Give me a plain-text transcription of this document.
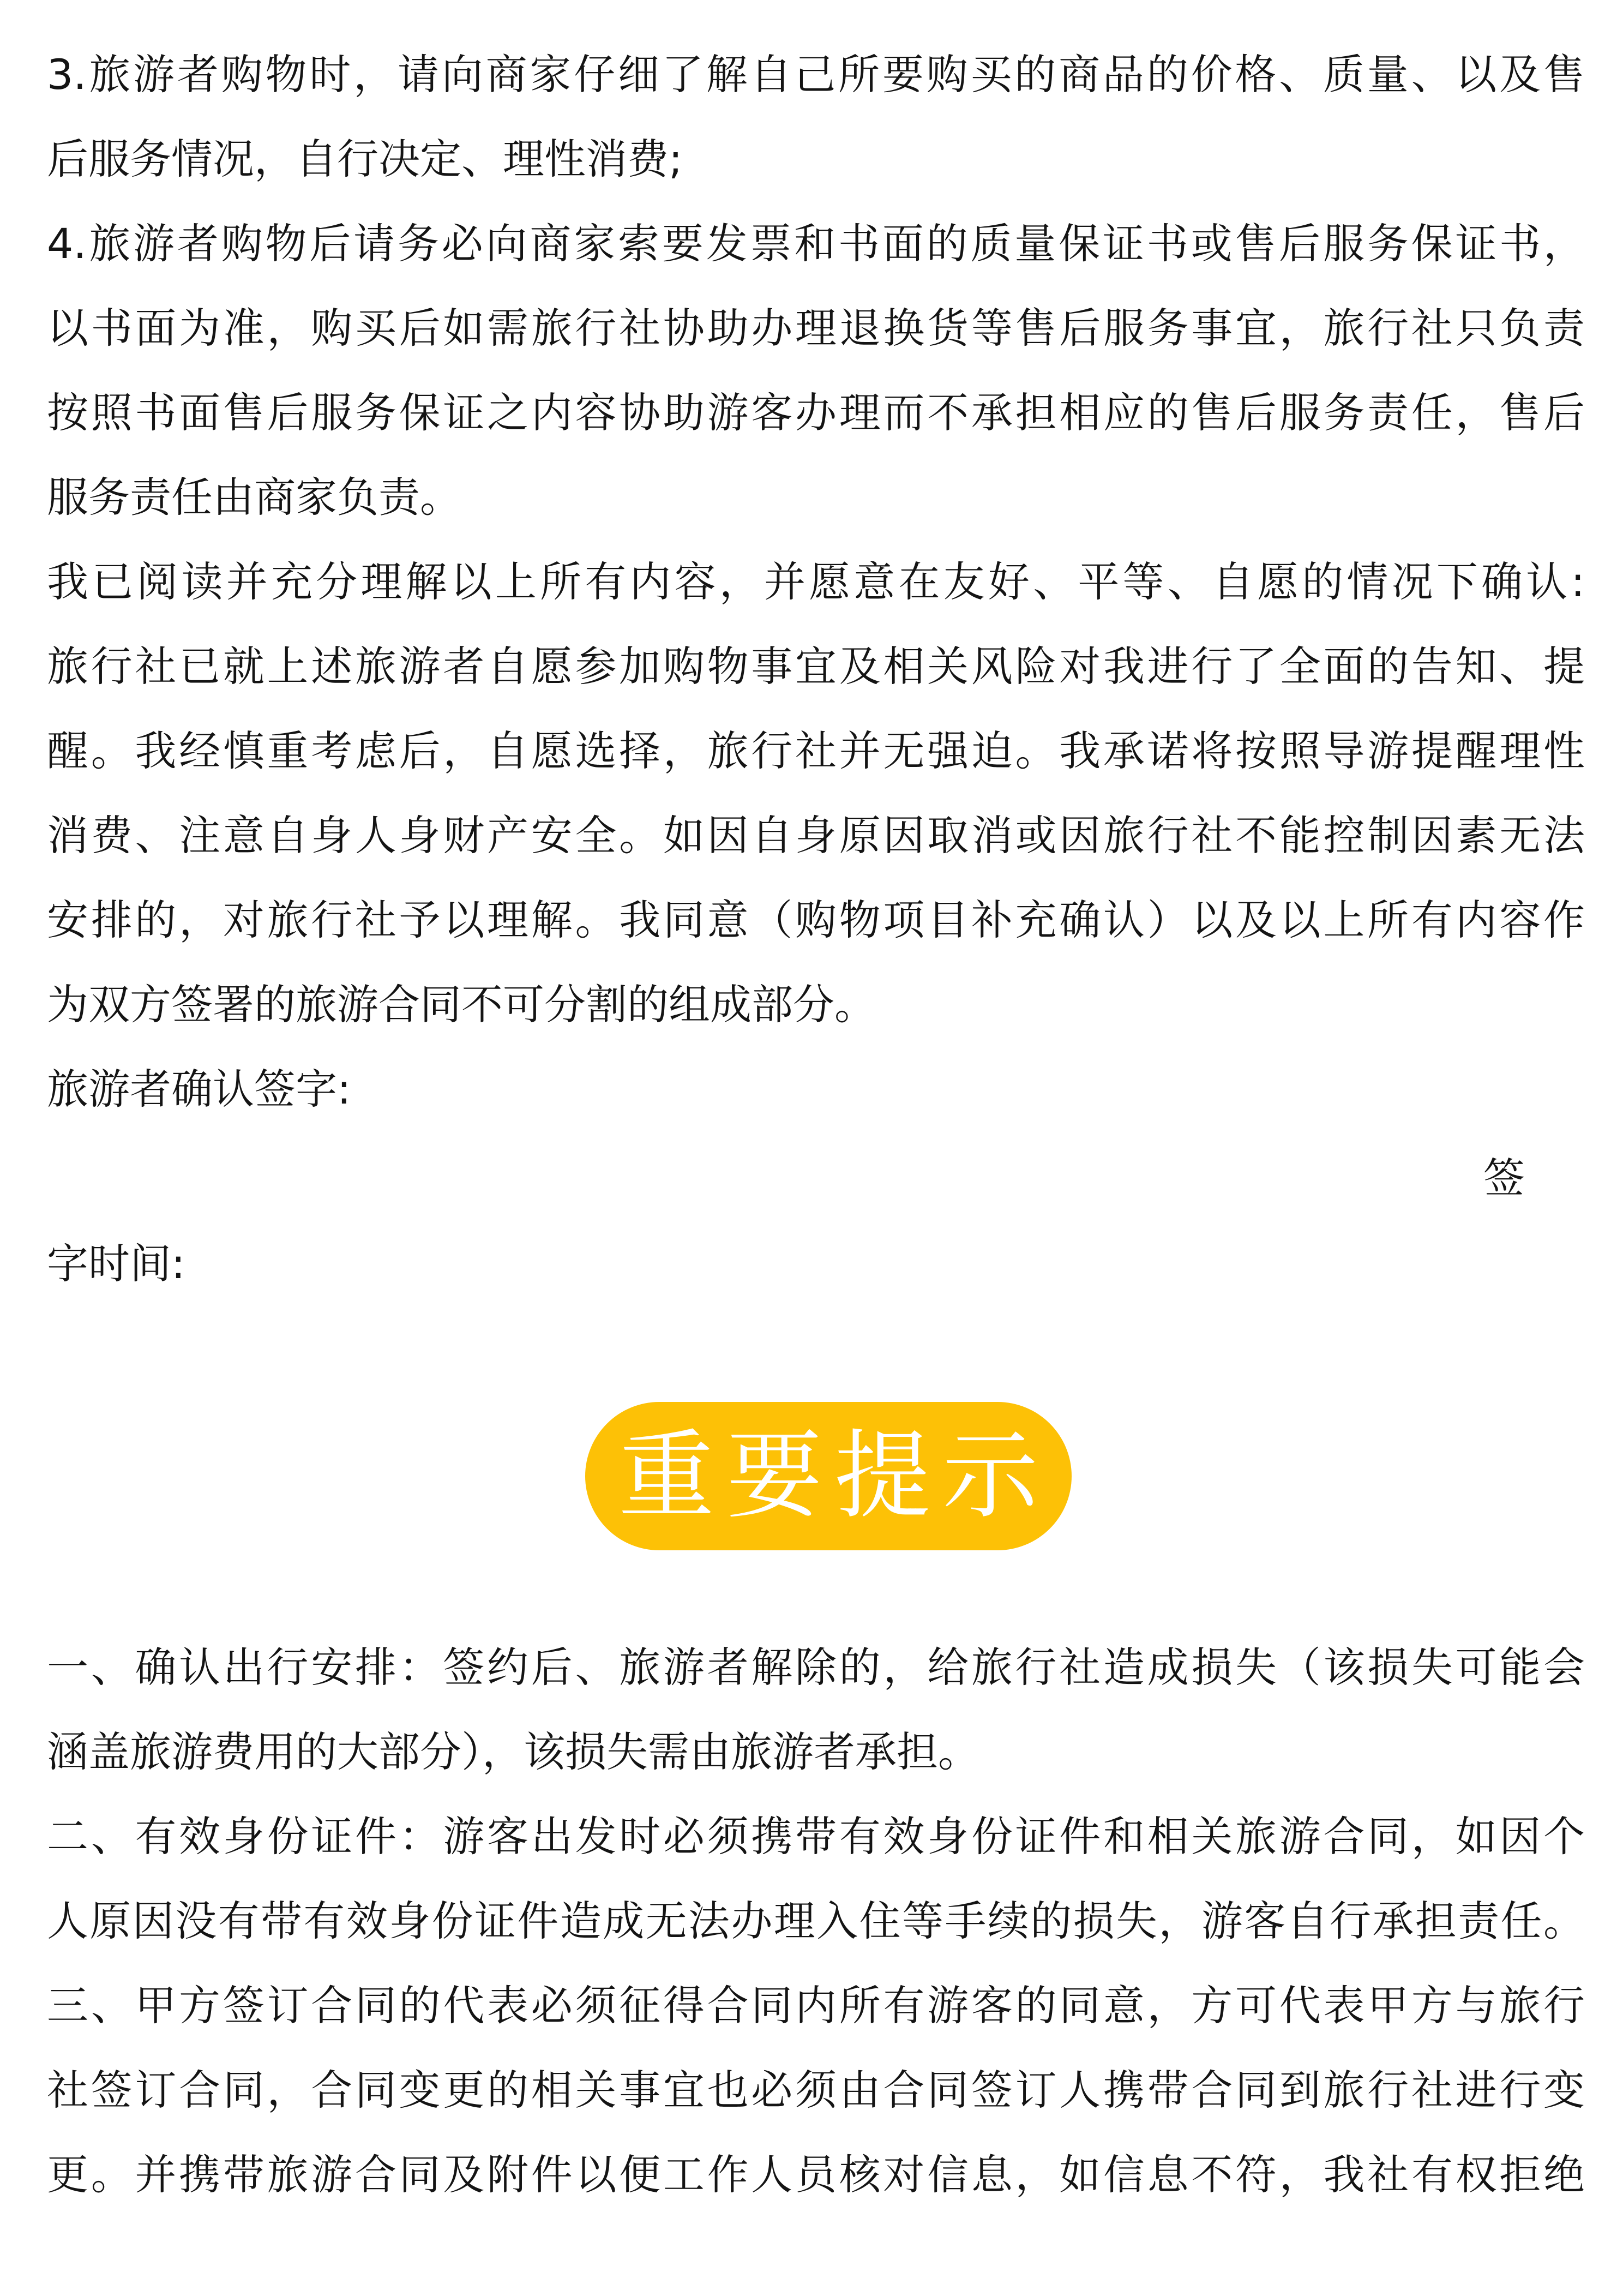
3.旅游者购物时，请向商家仔细了解自己所要购买的商品的价格、质量、以及售
后服务情况，自行决定、理性消费;
4.旅游者购物后请务必向商家索要发票和书面的质量保证书或售后服务保证书，
以书面为准，购买后如需旅行社协助办理退换货等售后服务事宜，旅行社只负责
按照书面售后服务保证之内容协助游客办理而不承担相应的售后服务责任，售后
服务责任由商家负责。
我已阅读并充分理解以上所有内容，并愿意在友好、平等、自愿的情况下确认:
旅行社已就上述旅游者自愿参加购物事宜及相关风险对我进行了全面的告知、提
醒。我经慎重考虑后，自愿选择，旅行社并无强迫。我承诺将按照导游提醒理性
消费、注意自身人身财产安全。如因自身原因取消或因旅行社不能控制因素无法
安排的，对旅行社予以理解。我同意（购物项目补充确认）以及以上所有内容作
为双方签署的旅游合同不可分割的组成部分。
旅游者确认签字:
签
字时间:
重要提示
一、确认出行安排：签约后、旅游者解除的，给旅行社造成损失（该损失可能会
涵盖旅游费用的大部分），该损失需由旅游者承担。
二、有效身份证件：游客出发时必须携带有效身份证件和相关旅游合同，如因个
人原因没有带有效身份证件造成无法办理入住等手续的损失，游客自行承担责任。
三、甲方签订合同的代表必须征得合同内所有游客的同意，方可代表甲方与旅行
社签订合同，合同变更的相关事宜也必须由合同签订人携带合同到旅行社进行变
更。并携带旅游合同及附件以便工作人员核对信息，如信息不符，我社有权拒绝
